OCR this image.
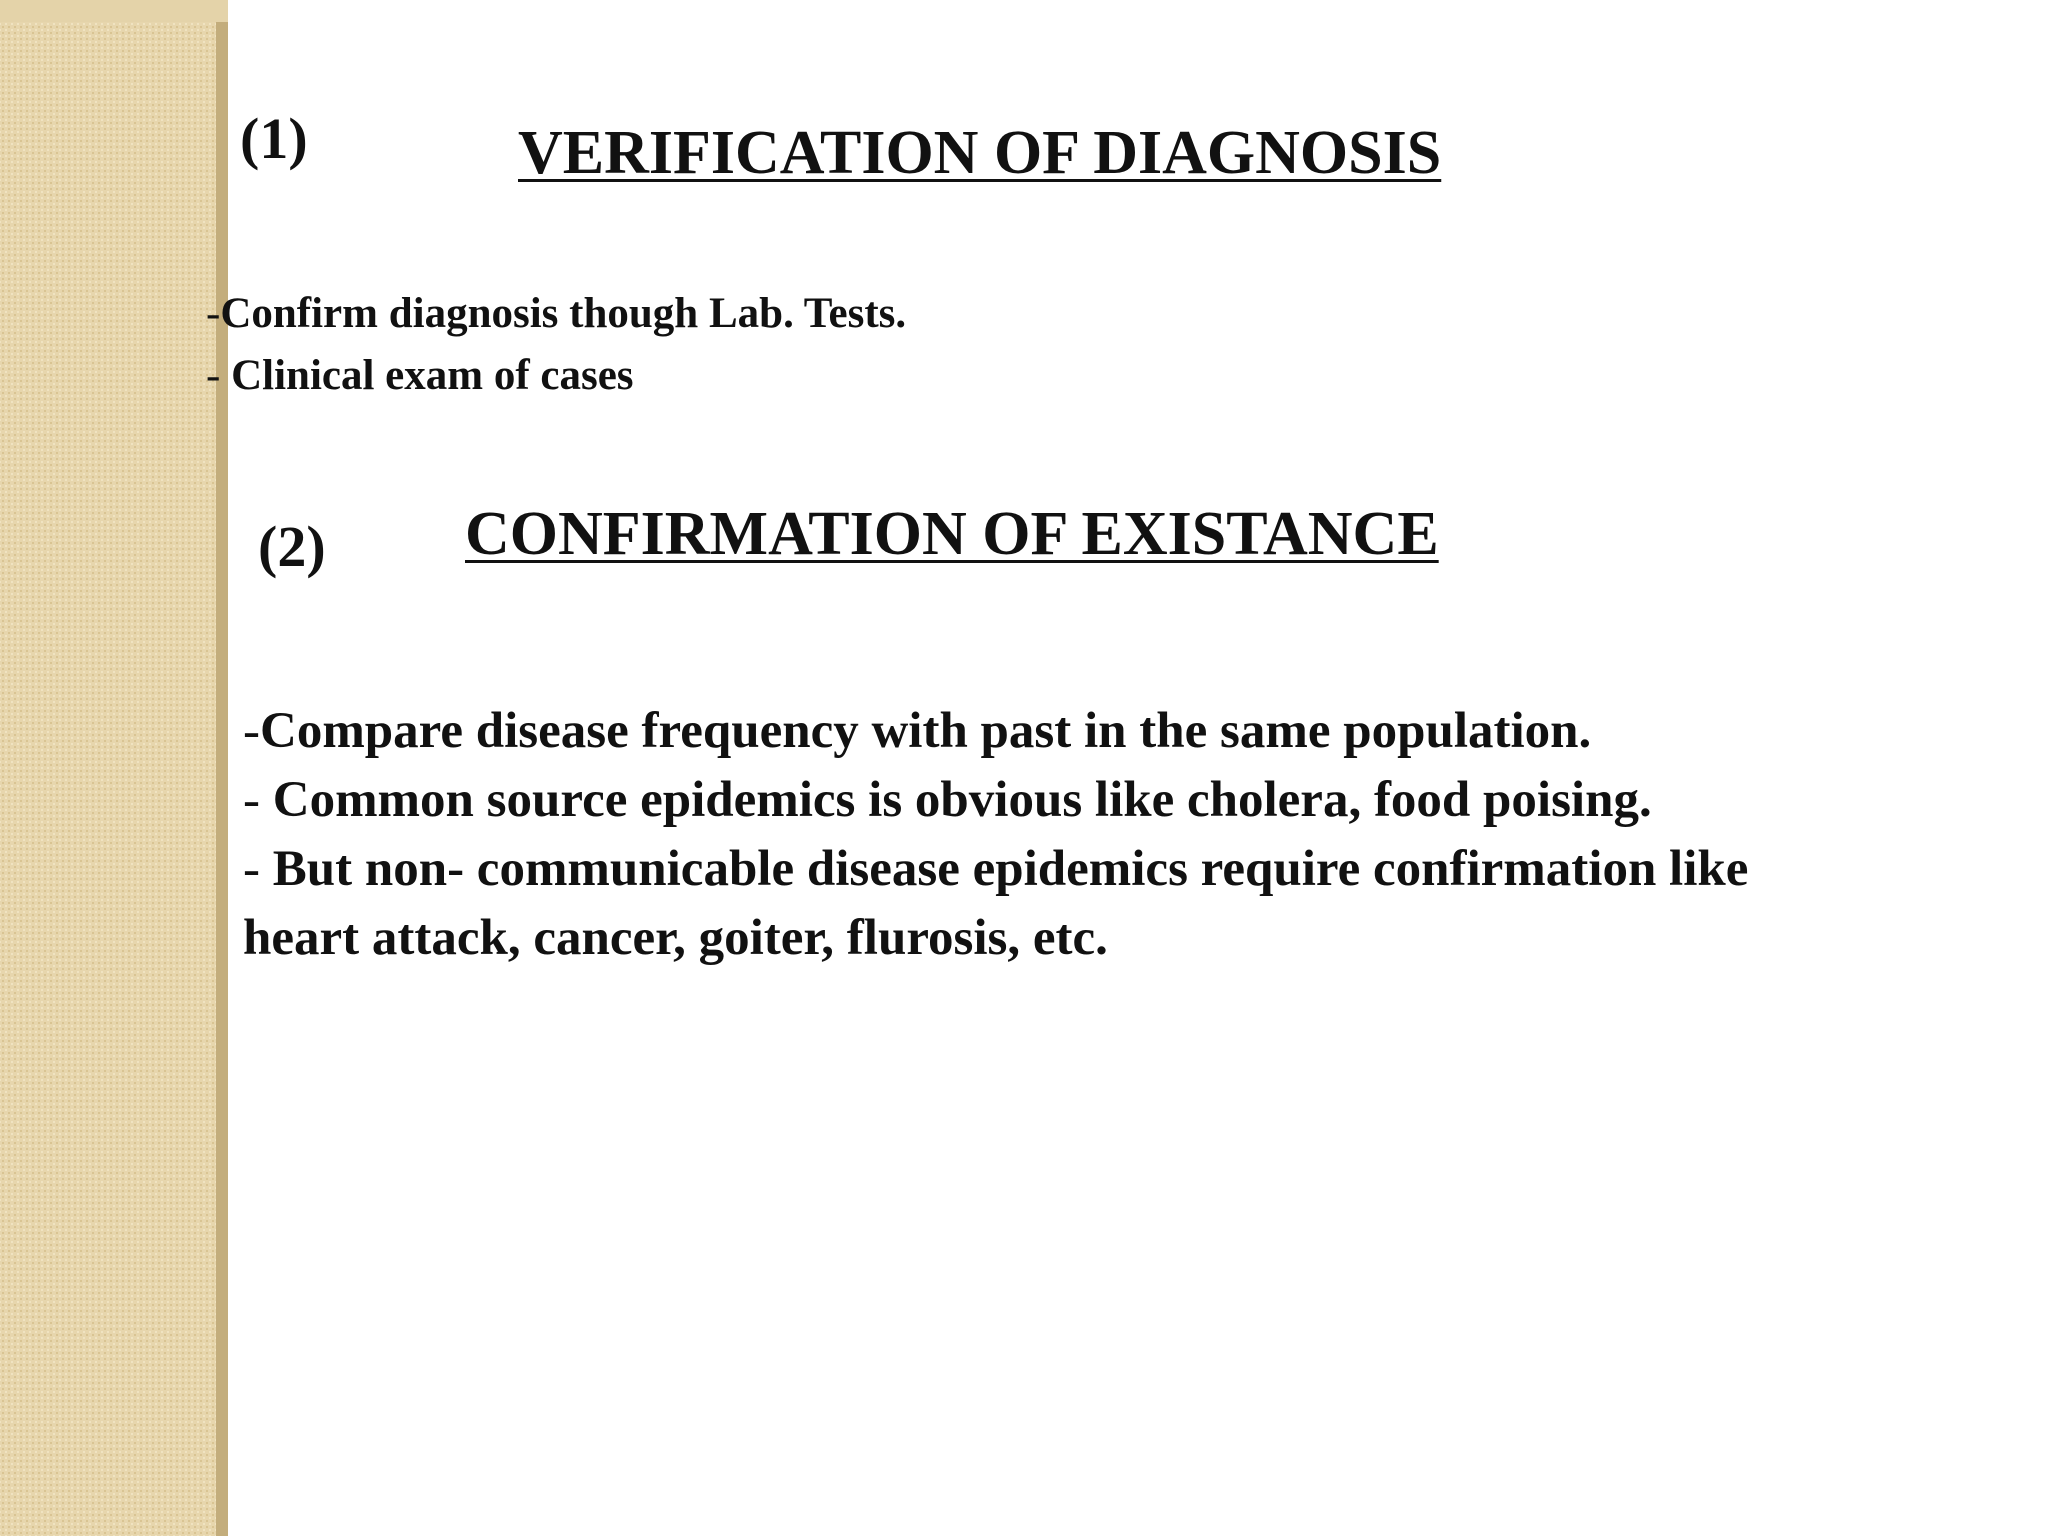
(1)	VERIFICATION OF DIAGNOSIS
-Confirm diagnosis though Lab. Tests.
- Clinical exam of cases
(2) CONFIRMATION OF EXISTANCE
-Compare disease frequency with past in the same population.
- Common source epidemics is obvious like cholera, food poising.
- But non- communicable disease epidemics require confirmation like
heart attack, cancer, goiter, flurosis, etc.
